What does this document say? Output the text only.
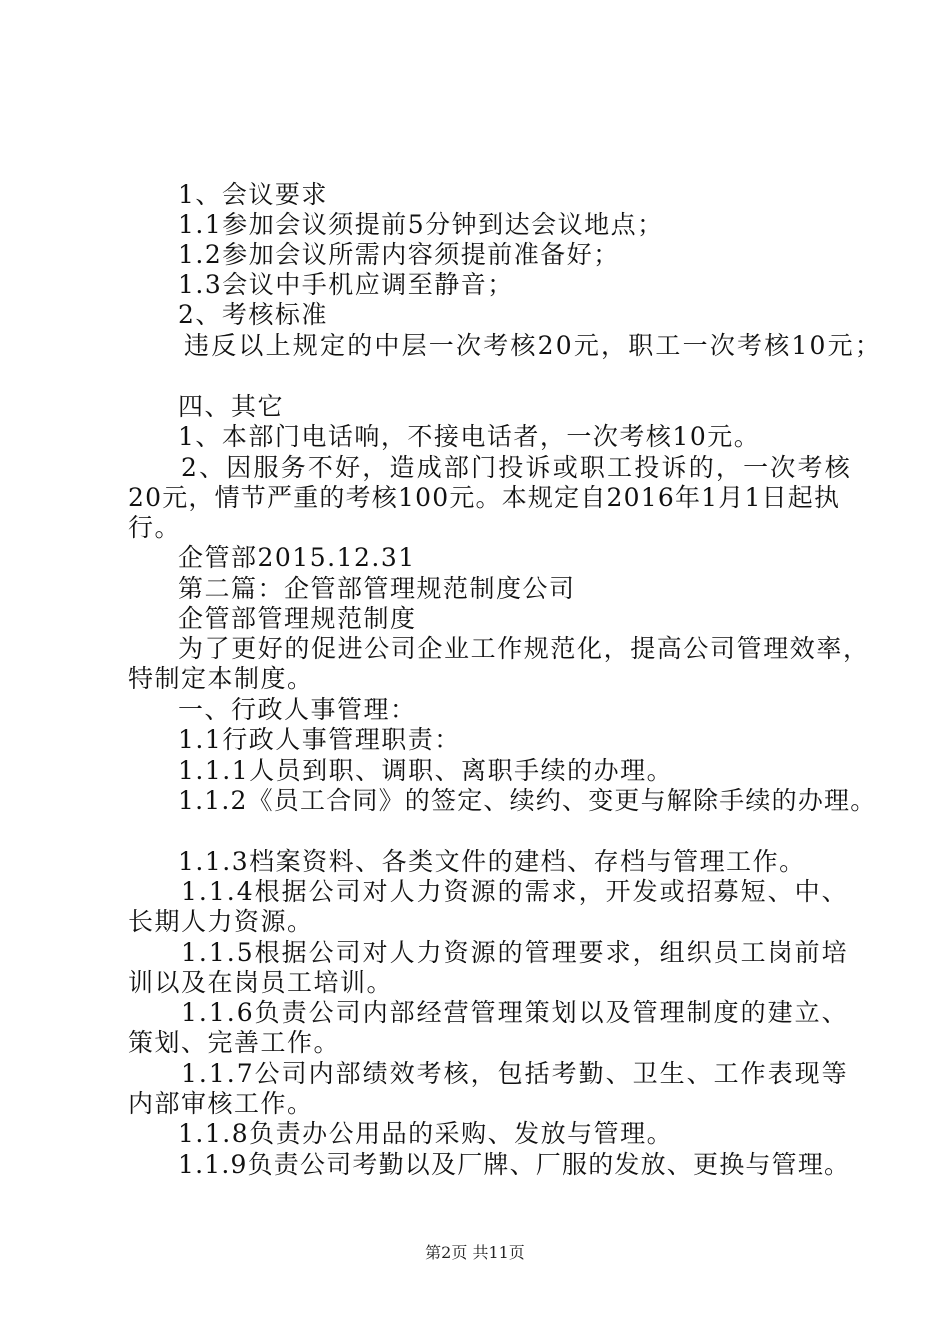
1、会议要求
1.1参加会议须提前5分钟到达会议地点；
1.2参加会议所需内容须提前准备好；
1.3会议中手机应调至静音；
2、考核标准
违反以上规定的中层一次考核20元，职工一次考核10元；
四、其它
1、本部门电话响，不接电话者，一次考核10元。
2、因服务不好，造成部门投诉或职工投诉的，一次考核
20元，情节严重的考核100元。本规定自2016年1月1日起执
行。
企管部2015.12.31
第二篇：企管部管理规范制度公司
企管部管理规范制度
为了更好的促进公司企业工作规范化，提高公司管理效率，
特制定本制度。
一、行政人事管理：
1.1行政人事管理职责：
1.1.1人员到职、调职、离职手续的办理。
1.1.2《员工合同》的签定、续约、变更与解除手续的办理。
1.1.3档案资料、各类文件的建档、存档与管理工作。
1.1.4根据公司对人力资源的需求，开发或招募短、中、
长期人力资源。
1.1.5根据公司对人力资源的管理要求，组织员工岗前培
训以及在岗员工培训。
1.1.6负责公司内部经营管理策划以及管理制度的建立、
策划、完善工作。
1.1.7公司内部绩效考核，包括考勤、卫生、工作表现等
内部审核工作。
1.1.8负责办公用品的采购、发放与管理。
1.1.9负责公司考勤以及厂牌、厂服的发放、更换与管理。
第2页 共11页
